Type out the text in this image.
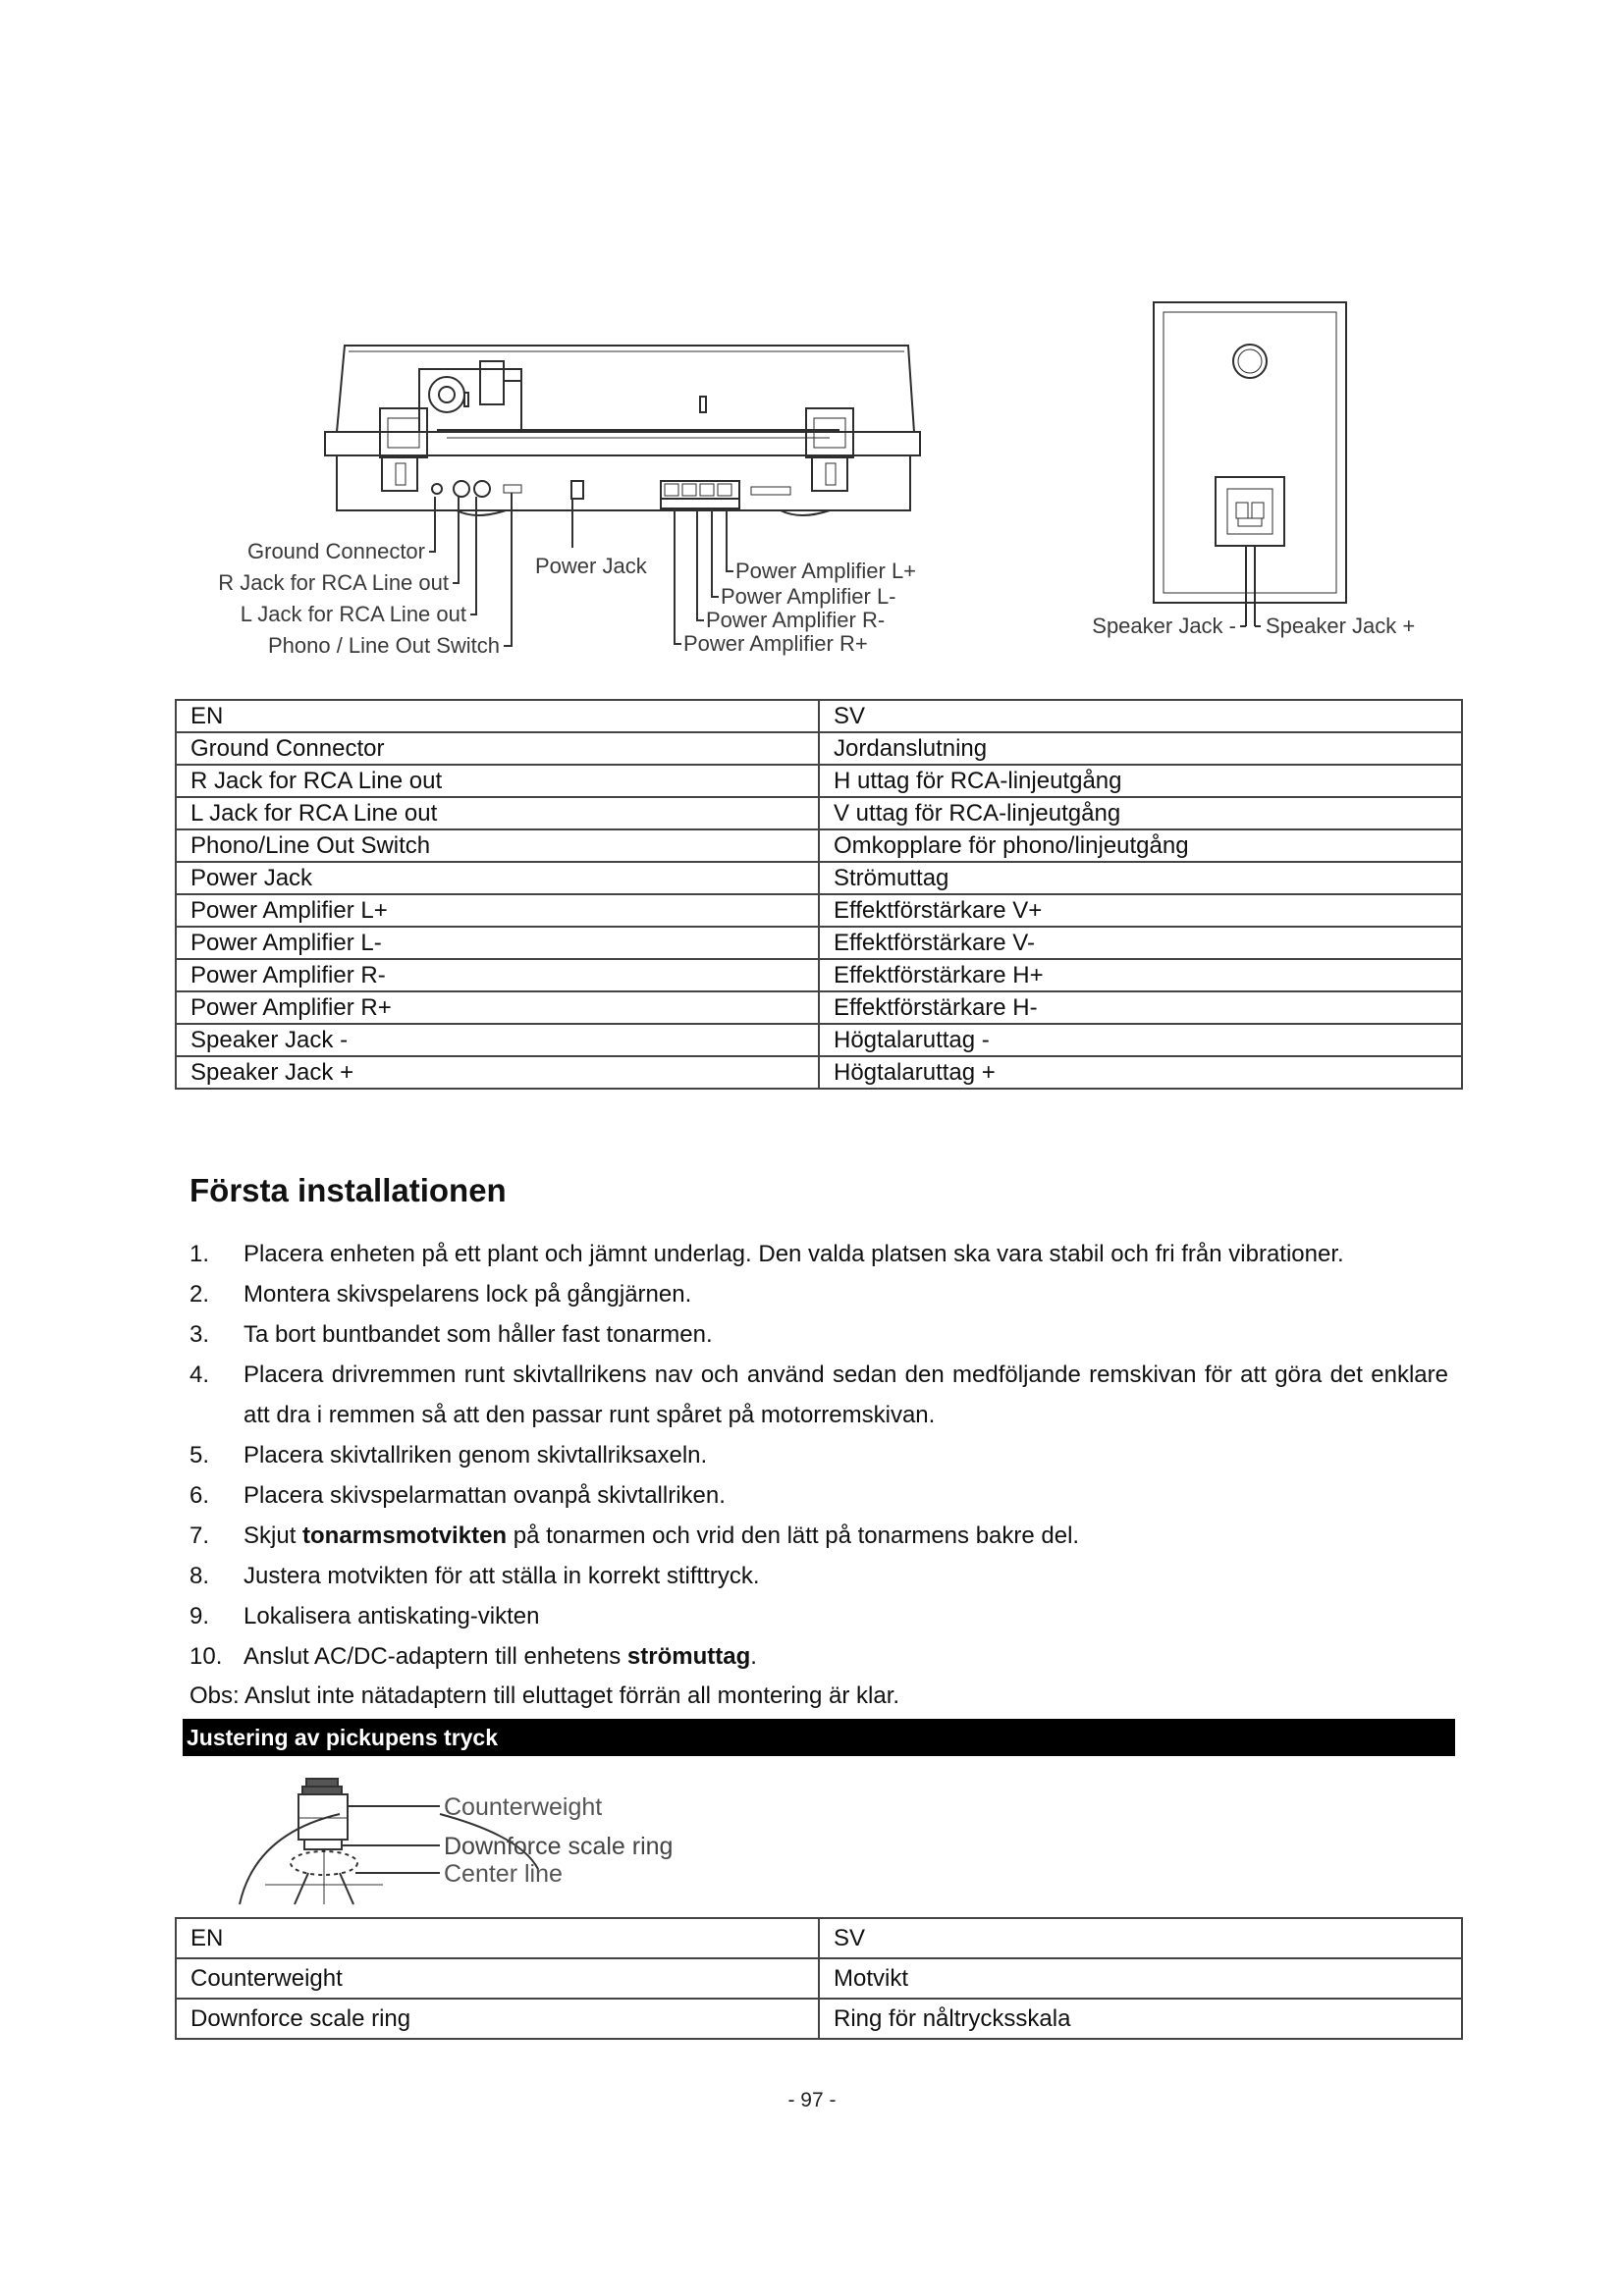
Ground Connector
R Jack for RCA Line out
L Jack for RCA Line out
Phono / Line Out Switch
Power Jack	Power Amplifier L+
Power Amplifier L-
Power Amplifier R-
Power Amplifier R+
Speaker Jack - Speaker Jack +
EN	SV
Ground Connector	Jordanslutning
R Jack for RCA Line out	H uttag för RCA-linjeutgång
L Jack for RCA Line out	V uttag för RCA-linjeutgång
Phono/Line Out Switch	Omkopplare för phono/linjeutgång
Power Jack	Strömuttag
Power Amplifier L+	Effektförstärkare V+
Power Amplifier L-	Effektförstärkare V-
Power Amplifier R-	Effektförstärkare H+
Power Amplifier R+	Effektförstärkare H-
Speaker Jack -	Högtalaruttag -
Speaker Jack +	Högtalaruttag +
Första installationen
1.	Placera enheten på ett plant och jämnt underlag. Den valda platsen ska vara stabil och fri från vibrationer.
2.	Montera skivspelarens lock på gångjärnen.
3.	Ta bort buntbandet som håller fast tonarmen.
4.	Placera drivremmen runt skivtallrikens nav och använd sedan den medföljande remskivan för att göra det enklare att dra i remmen så att den passar runt spåret på motorremskivan.
5.	Placera skivtallriken genom skivtallriksaxeln.
6.	Placera skivspelarmattan ovanpå skivtallriken.
7.	Skjut tonarmsmotvikten på tonarmen och vrid den lätt på tonarmens bakre del.
8.	Justera motvikten för att ställa in korrekt stifttryck.
9.	Lokalisera antiskating-vikten
10. Anslut AC/DC-adaptern till enhetens strömuttag.
Obs: Anslut inte nätadaptern till eluttaget förrän all montering är klar.
Justering av pickupens tryck
Counterweight
Downforce scale ring
Center line
EN	SV
Counterweight	Motvikt
Downforce scale ring	Ring för nåltrycksskala
- 97 -
